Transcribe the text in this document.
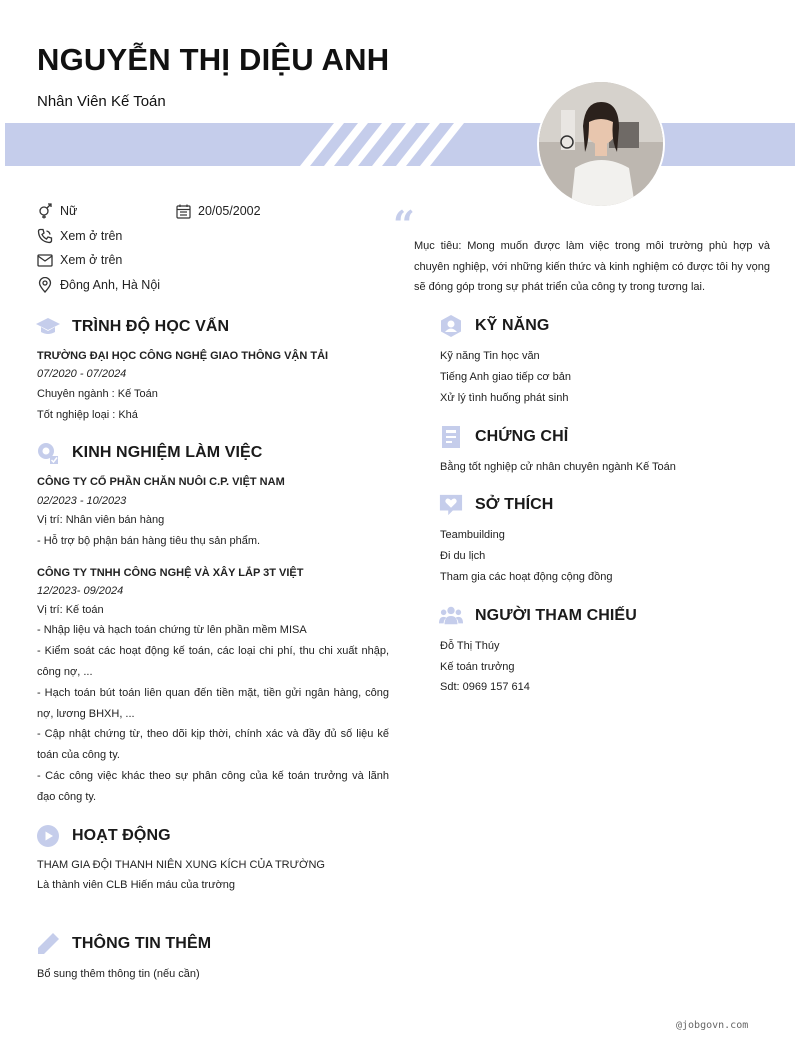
NGUYỄN THỊ DIỆU ANH
Nhân Viên Kế Toán
Nữ	20/05/2002
Xem ở trên
Xem ở trên
Đông Anh, Hà Nội
“ Mục tiêu: Mong muốn được làm việc trong môi trường phù hợp và chuyên nghiệp, với những kiến thức và kinh nghiệm có được tôi hy vọng sẽ đóng góp trong sự phát triển của công ty trong tương lai.
TRÌNH ĐỘ HỌC VẤN
TRƯỜNG ĐẠI HỌC CÔNG NGHỆ GIAO THÔNG VẬN TẢI
07/2020 - 07/2024
Chuyên ngành : Kế Toán
Tốt nghiệp loại : Khá
KINH NGHIỆM LÀM VIỆC
CÔNG TY CỔ PHẦN CHĂN NUÔI C.P. VIỆT NAM
02/2023 - 10/2023
Vị trí: Nhân viên bán hàng
- Hỗ trợ bộ phận bán hàng tiêu thụ sản phẩm.
CÔNG TY TNHH CÔNG NGHỆ VÀ XÂY LẮP 3T VIỆT
12/2023- 09/2024
Vị trí: Kế toán
- Nhập liệu và hạch toán chứng từ lên phần mềm MISA
- Kiểm soát các hoạt động kế toán, các loại chi phí, thu chi xuất nhập, công nợ, ...
- Hạch toán bút toán liên quan đến tiền mặt, tiền gửi ngân hàng, công nợ, lương BHXH, ...
- Cập nhật chứng từ, theo dõi kịp thời, chính xác và đầy đủ số liệu kế toán của công ty.
- Các công việc khác theo sự phân công của kế toán trưởng và lãnh đạo công ty.
HOẠT ĐỘNG
THAM GIA ĐỘI THANH NIÊN XUNG KÍCH CỦA TRƯỜNG
Là thành viên CLB Hiến máu của trường
THÔNG TIN THÊM
Bổ sung thêm thông tin (nếu cần)
KỸ NĂNG
Kỹ năng Tin học văn
Tiếng Anh giao tiếp cơ bản
Xử lý tình huống phát sinh
CHỨNG CHỈ
Bằng tốt nghiệp cử nhân chuyên ngành Kế Toán
SỞ THÍCH
Teambuilding
Đi du lịch
Tham gia các hoạt động cộng đồng
NGƯỜI THAM CHIẾU
Đỗ Thị Thúy
Kế toán trưởng
Sdt: 0969 157 614
@jobgovn.com
